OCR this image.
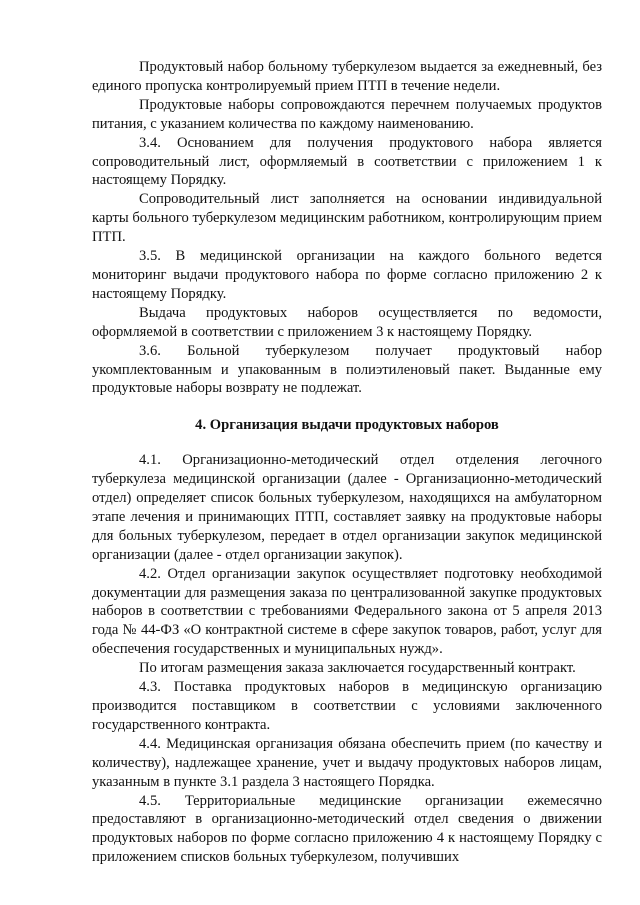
Продуктовый набор больному туберкулезом выдается за ежедневный, без единого пропуска контролируемый прием ПТП в течение недели.

Продуктовые наборы сопровождаются перечнем получаемых продуктов питания, с указанием количества по каждому наименованию.

3.4. Основанием для получения продуктового набора является сопроводительный лист, оформляемый в соответствии с приложением 1 к настоящему Порядку.

Сопроводительный лист заполняется на основании индивидуальной карты больного туберкулезом медицинским работником, контролирующим прием ПТП.

3.5. В медицинской организации на каждого больного ведется мониторинг выдачи продуктового набора по форме согласно приложению 2 к настоящему Порядку.

Выдача продуктовых наборов осуществляется по ведомости, оформляемой в соответствии с приложением 3 к настоящему Порядку.

3.6. Больной туберкулезом получает продуктовый набор укомплектованным и упакованным в полиэтиленовый пакет. Выданные ему продуктовые наборы возврату не подлежат.

4. Организация выдачи продуктовых наборов

4.1. Организационно-методический отдел отделения легочного туберкулеза медицинской организации (далее - Организационно-методический отдел) определяет список больных туберкулезом, находящихся на амбулаторном этапе лечения и принимающих ПТП, составляет заявку на продуктовые наборы для больных туберкулезом, передает в отдел организации закупок медицинской организации (далее - отдел организации закупок).

4.2. Отдел организации закупок осуществляет подготовку необходимой документации для размещения заказа по централизованной закупке продуктовых наборов в соответствии с требованиями Федерального закона от 5 апреля 2013 года № 44-ФЗ «О контрактной системе в сфере закупок товаров, работ, услуг для обеспечения государственных и муниципальных нужд».

По итогам размещения заказа заключается государственный контракт.

4.3. Поставка продуктовых наборов в медицинскую организацию производится поставщиком в соответствии с условиями заключенного государственного контракта.

4.4. Медицинская организация обязана обеспечить прием (по качеству и количеству), надлежащее хранение, учет и выдачу продуктовых наборов лицам, указанным в пункте 3.1 раздела 3 настоящего Порядка.

4.5. Территориальные медицинские организации ежемесячно предоставляют в организационно-методический отдел сведения о движении продуктовых наборов по форме согласно приложению 4 к настоящему Порядку с приложением списков больных туберкулезом, получивших
